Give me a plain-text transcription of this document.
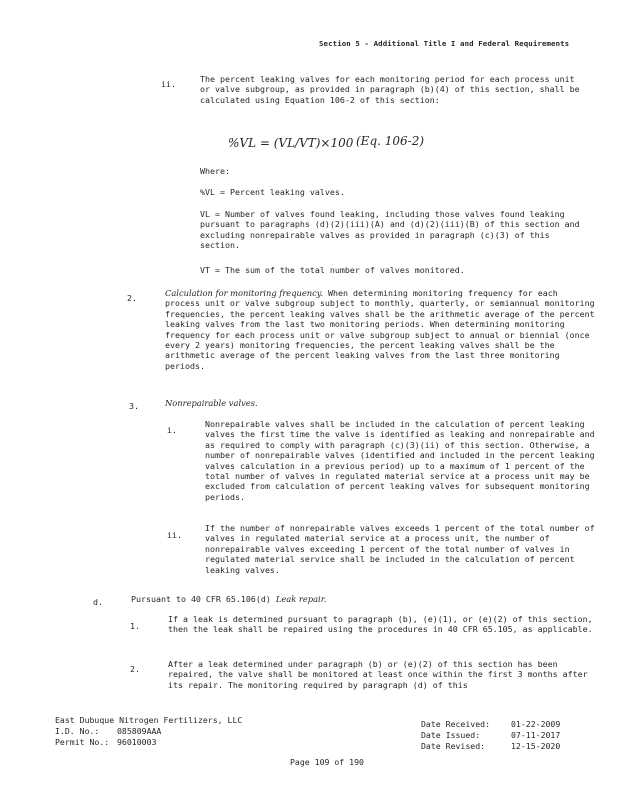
Section 5 - Additional Title I and Federal Requirements
ii.	The percent leaking valves for each monitoring period for each process unit or valve subgroup, as provided in paragraph (b)(4) of this section, shall be calculated using Equation 106-2 of this section:
%VL = (VL/VT)×100 (Eq. 106-2)
Where:
%VL = Percent leaking valves.
VL = Number of valves found leaking, including those valves found leaking pursuant to paragraphs (d)(2)(iii)(A) and (d)(2)(iii)(B) of this section and excluding nonrepairable valves as provided in paragraph (c)(3) of this section.
VT = The sum of the total number of valves monitored.
2.	Calculation for monitoring frequency. When determining monitoring frequency for each process unit or valve subgroup subject to monthly, quarterly, or semiannual monitoring frequencies, the percent leaking valves shall be the arithmetic average of the percent leaking valves from the last two monitoring periods. When determining monitoring frequency for each process unit or valve subgroup subject to annual or biennial (once every 2 years) monitoring frequencies, the percent leaking valves shall be the arithmetic average of the percent leaking valves from the last three monitoring periods.
3.	Nonrepairable valves.
i.
Nonrepairable valves shall be included in the calculation of percent leaking valves the first time the valve is identified as leaking and nonrepairable and as required to comply with paragraph (c)(3)(ii) of this section. Otherwise, a number of nonrepairable valves (identified and included in the percent leaking valves calculation in a previous period) up to a maximum of 1 percent of the total number of valves in regulated material service at a process unit may be excluded from calculation of percent leaking valves for subsequent monitoring periods.
ii.
If the number of nonrepairable valves exceeds 1 percent of the total number of valves in regulated material service at a process unit, the number of nonrepairable valves exceeding 1 percent of the total number of valves in regulated material service shall be included in the calculation of percent leaking valves.
d.	Pursuant to 40 CFR 65.106(d) Leak repair.
1.
If a leak is determined pursuant to paragraph (b), (e)(1), or (e)(2) of this section, then the leak shall be repaired using the procedures in 40 CFR 65.105, as applicable.
2.	After a leak determined under paragraph (b) or (e)(2) of this section has been repaired, the valve shall be monitored at least once within the first 3 months after its repair. The monitoring required by paragraph (d) of this
East Dubuque Nitrogen Fertilizers, LLC
I.D. No.: 085809AAA
Permit No.: 96010003
Date Received:	01-22-2009
Date Issued:	07-11-2017
Date Revised:	12-15-2020
Page 109 of 190
